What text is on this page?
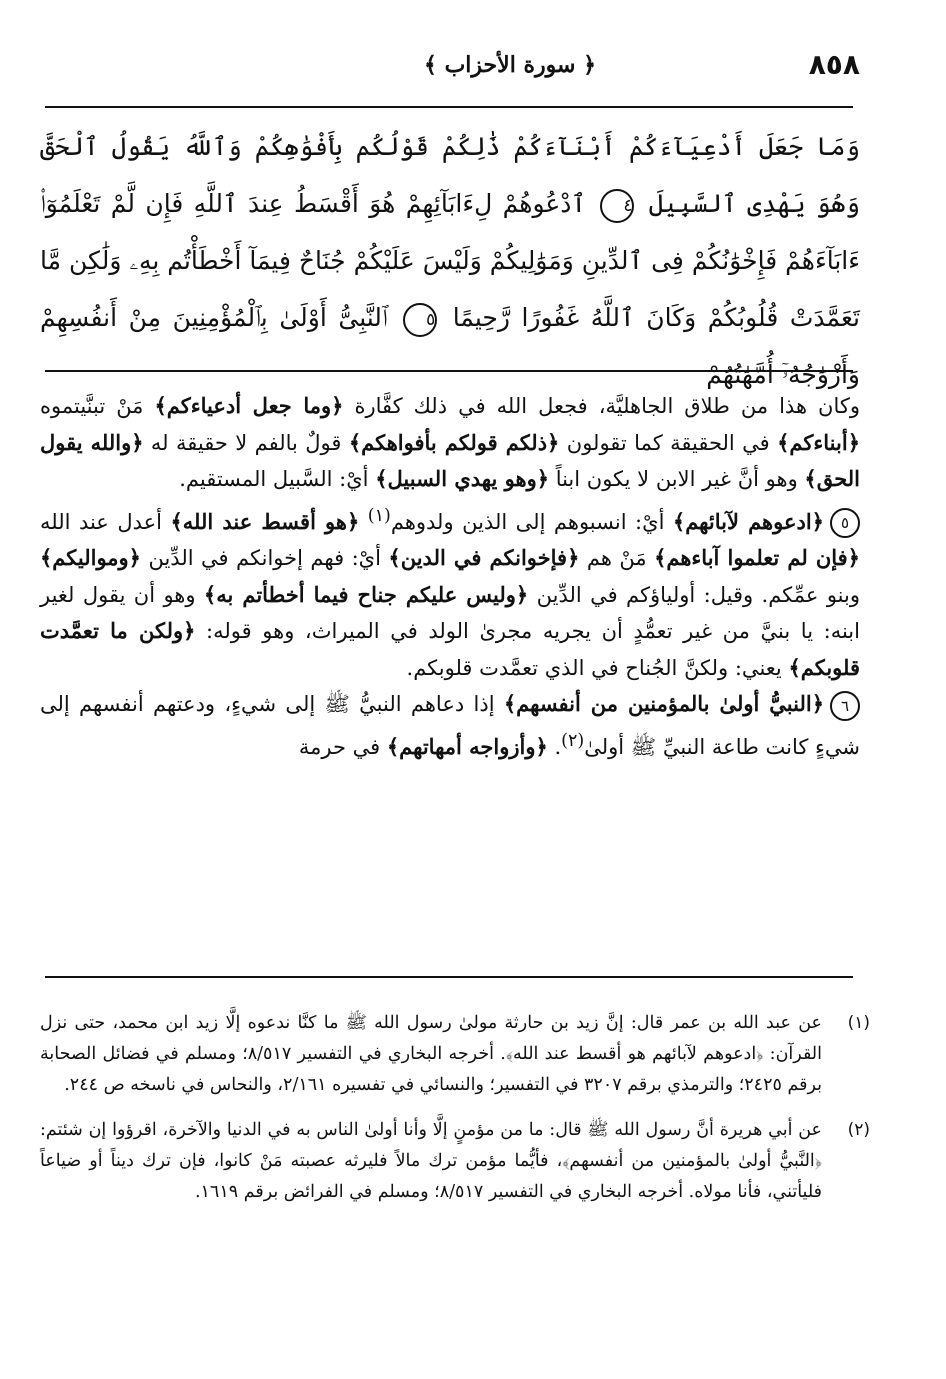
٨٥٨
﴿ سورة الأحزاب ﴾
وَمَا جَعَلَ أَدْعِيَآءَكُمْ أَبْنَآءَكُمْ ذَٰلِكُمْ قَوْلُكُم بِأَفْوَٰهِكُمْ وَٱللَّهُ يَقُولُ ٱلْحَقَّ وَهُوَ يَهْدِى ٱلسَّبِيلَ ٤ ٱدْعُوهُمْ لِءَابَآئِهِمْ هُوَ أَقْسَطُ عِندَ ٱللَّهِ فَإِن لَّمْ تَعْلَمُوٓا۟ ءَابَآءَهُمْ فَإِخْوَٰنُكُمْ فِى ٱلدِّينِ وَمَوَٰلِيكُمْ وَلَيْسَ عَلَيْكُمْ جُنَاحٌ فِيمَآ أَخْطَأْتُم بِهِۦ وَلَٰكِن مَّا تَعَمَّدَتْ قُلُوبُكُمْ وَكَانَ ٱللَّهُ غَفُورًا رَّحِيمًا ٥ ٱلنَّبِىُّ أَوْلَىٰ بِٱلْمُؤْمِنِينَ مِنْ أَنفُسِهِمْ وَأَزْوَٰجُهُۥٓ أُمَّهَٰتُهُمْ

وكان هذا من طلاق الجاهليَّة، فجعل الله في ذلك كفَّارة ﴿وما جعل أدعياءكم﴾ مَنْ تبنَّيتموه ﴿أبناءكم﴾ في الحقيقة كما تقولون ﴿ذلكم قولكم بأفواهكم﴾ قولٌ بالفم لا حقيقة له ﴿والله يقول الحق﴾ وهو أنَّ غير الابن لا يكون ابناً ﴿وهو يهدي السبيل﴾ أيْ: السَّبيل المستقيم.

٥﴿ادعوهم لآبائهم﴾ أيْ: انسبوهم إلى الذين ولدوهم$^{(١)}$ ﴿هو أقسط عند الله﴾ أعدل عند الله ﴿فإن لم تعلموا آباءهم﴾ مَنْ هم ﴿فإخوانكم في الدين﴾ أيْ: فهم إخوانكم في الدِّين ﴿ومواليكم﴾ وبنو عمِّكم. وقيل: أولياؤكم في الدِّين ﴿وليس عليكم جناح فيما أخطأتم به﴾ وهو أن يقول لغير ابنه: يا بنيَّ من غير تعمُّدٍ أن يجريه مجرىٰ الولد في الميراث، وهو قوله: ﴿ولكن ما تعمَّدت قلوبكم﴾ يعني: ولكنَّ الجُناح في الذي تعمَّدت قلوبكم.

٦﴿النبيُّ أولىٰ بالمؤمنين من أنفسهم﴾ إذا دعاهم النبيُّ ﷺ إلى شيءٍ، ودعتهم أنفسهم إلى شيءٍ كانت طاعة النبيِّ ﷺ أولىٰ$^{(٢)}$. ﴿وأزواجه أمهاتهم﴾ في حرمة

(١)
عن عبد الله بن عمر قال: إنَّ زيد بن حارثة مولىٰ رسول الله ﷺ ما كنَّا ندعوه إلَّا زيد ابن محمد، حتى نزل القرآن: ﴿ادعوهم لآبائهم هو أقسط عند الله﴾. أخرجه البخاري في التفسير ٨/٥١٧؛ ومسلم في فضائل الصحابة برقم ٢٤٢٥؛ والترمذي برقم ٣٢٠٧ في التفسير؛ والنسائي في تفسيره ٢/١٦١، والنحاس في ناسخه ص ٢٤٤.
(٢)
عن أبي هريرة أنَّ رسول الله ﷺ قال: ما من مؤمنٍ إلَّا وأنا أولىٰ الناس به في الدنيا والآخرة، اقرؤوا إن شئتم: ﴿النَّبيُّ أولىٰ بالمؤمنين من أنفسهم﴾، فأيُّما مؤمن ترك مالاً فليرثه عصبته مَنْ كانوا، فإن ترك ديناً أو ضياعاً فليأتني، فأنا مولاه. أخرجه البخاري في التفسير ٨/٥١٧؛ ومسلم في الفرائض برقم ١٦١٩.
